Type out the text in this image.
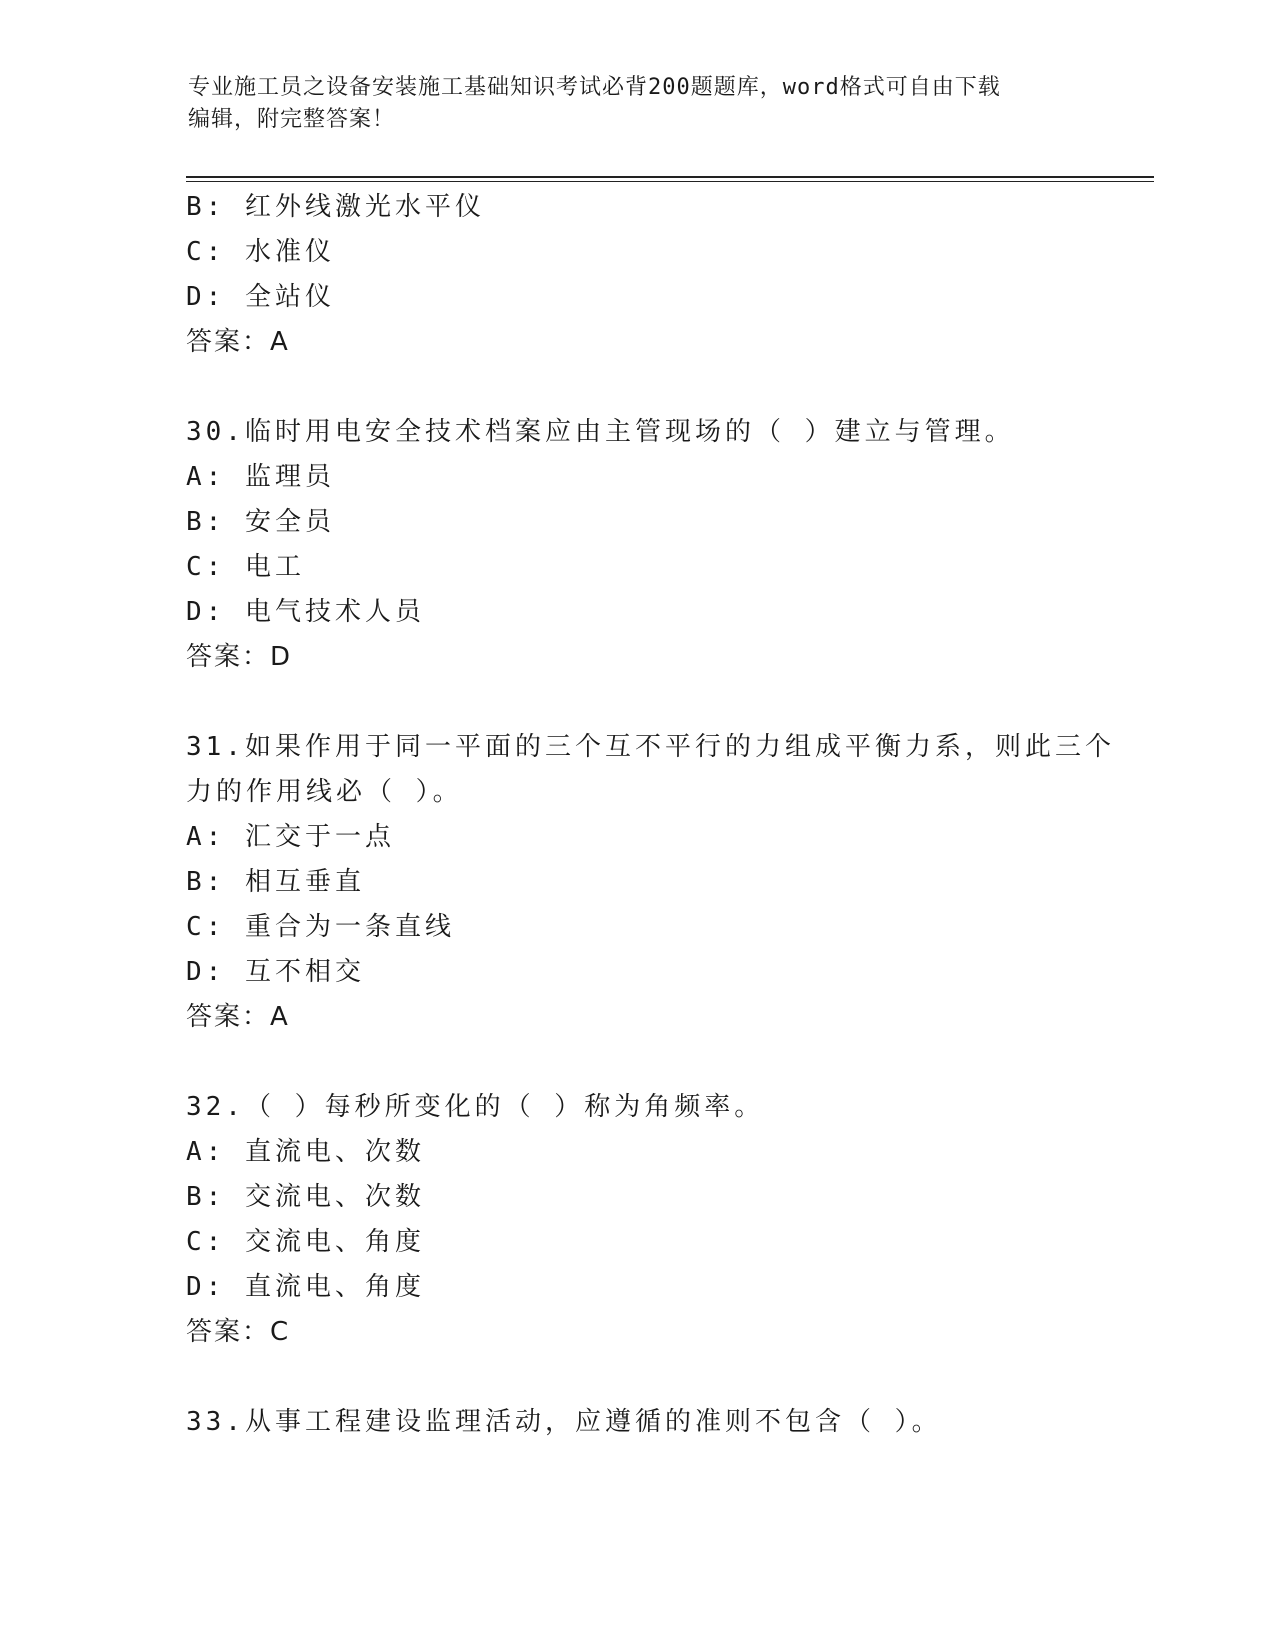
专业施工员之设备安装施工基础知识考试必背200题题库，word格式可自由下载
编辑，附完整答案！
B: 红外线激光水平仪
C: 水准仪
D: 全站仪
答案：A
30.临时用电安全技术档案应由主管现场的（ ）建立与管理。
A: 监理员
B: 安全员
C: 电工
D: 电气技术人员
答案：D
31.如果作用于同一平面的三个互不平行的力组成平衡力系，则此三个
力的作用线必（ ）。
A: 汇交于一点
B: 相互垂直
C: 重合为一条直线
D: 互不相交
答案：A
32.（ ）每秒所变化的（ ）称为角频率。
A: 直流电、次数
B: 交流电、次数
C: 交流电、角度
D: 直流电、角度
答案：C
33.从事工程建设监理活动，应遵循的准则不包含（ ）。
